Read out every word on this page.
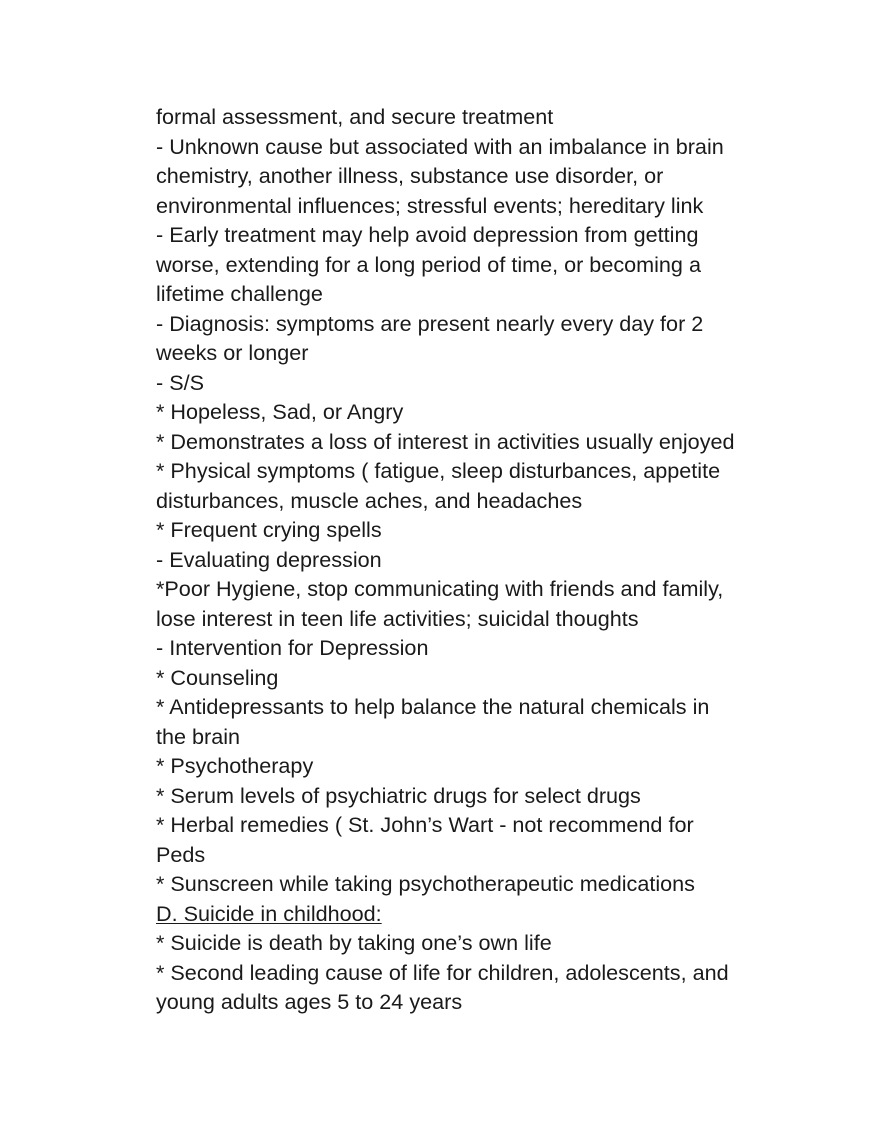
formal assessment, and secure treatment
- Unknown cause but associated with an imbalance in brain
chemistry, another illness, substance use disorder, or
environmental influences; stressful events; hereditary link
- Early treatment may help avoid depression from getting
worse, extending for a long period of time, or becoming a
lifetime challenge
- Diagnosis: symptoms are present nearly every day for 2
weeks or longer
- S/S
* Hopeless, Sad, or Angry
* Demonstrates a loss of interest in activities usually enjoyed
* Physical symptoms ( fatigue, sleep disturbances, appetite
disturbances, muscle aches, and headaches
* Frequent crying spells
- Evaluating depression
*Poor Hygiene, stop communicating with friends and family,
lose interest in teen life activities; suicidal thoughts
- Intervention for Depression
* Counseling
* Antidepressants to help balance the natural chemicals in
the brain
* Psychotherapy
* Serum levels of psychiatric drugs for select drugs
* Herbal remedies ( St. John’s Wart - not recommend for
Peds
* Sunscreen while taking psychotherapeutic medications
D. Suicide in childhood:
* Suicide is death by taking one’s own life
* Second leading cause of life for children, adolescents, and
young adults ages 5 to 24 years
